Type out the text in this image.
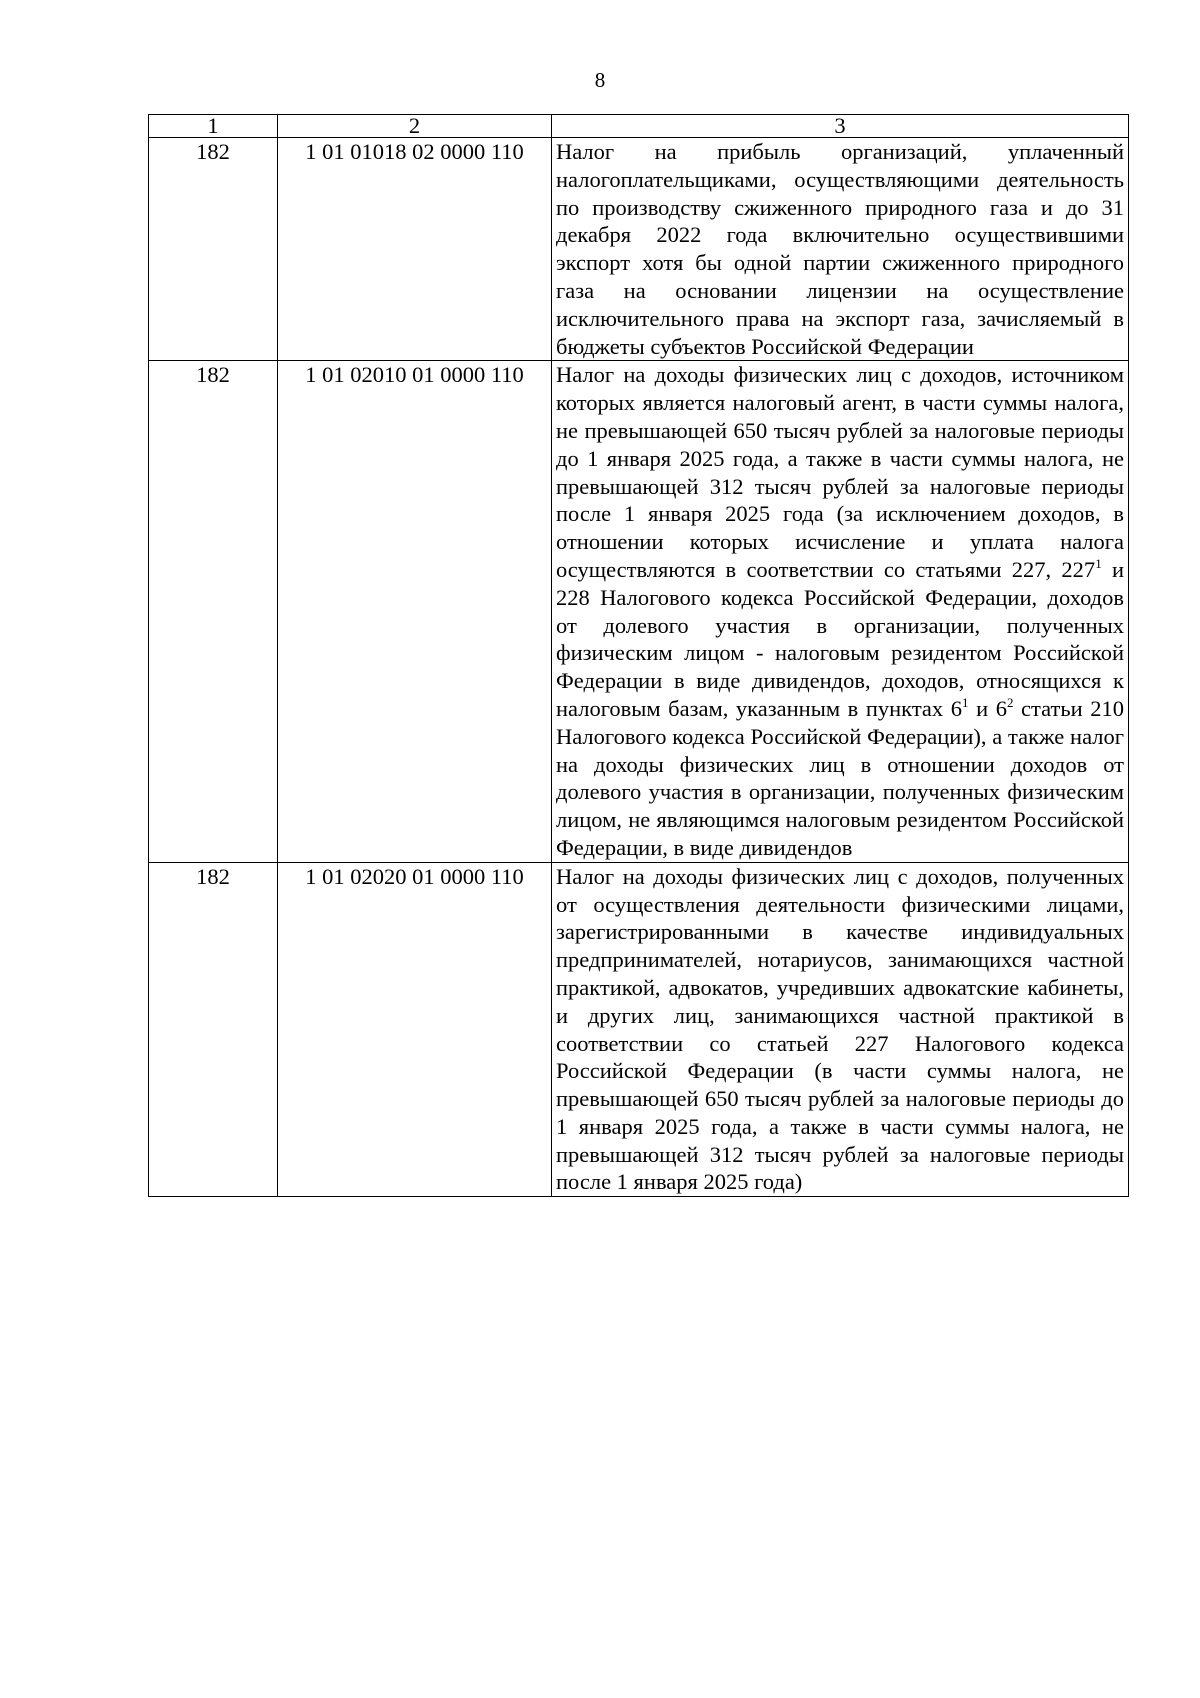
8
1	2	3
182	1 01 01018 02 0000 110	Налог на прибыль организаций, уплаченный налогоплательщиками, осуществляющими деятельность по производству сжиженного природного газа и до 31 декабря 2022 года включительно осуществившими экспорт хотя бы одной партии сжиженного природного газа на основании лицензии на осуществление исключительного права на экспорт газа, зачисляемый в бюджеты субъектов Российской Федерации
182	1 01 02010 01 0000 110	Налог на доходы физических лиц с доходов, источником которых является налоговый агент, в части суммы налога, не превышающей 650 тысяч рублей за налоговые периоды до 1 января 2025 года, а также в части суммы налога, не превышающей 312 тысяч рублей за налоговые периоды после 1 января 2025 года (за исключением доходов, в отношении которых исчисление и уплата налога осуществляются в соответствии со статьями 227, $227^1$ и 228 Налогового кодекса Российской Федерации, доходов от долевого участия в организации, полученных физическим лицом - налоговым резидентом Российской Федерации в виде дивидендов, доходов, относящихся к налоговым базам, указанным в пунктах $6^1$ и $6^2$ статьи 210 Налогового кодекса Российской Федерации), а также налог на доходы физических лиц в отношении доходов от долевого участия в организации, полученных физическим лицом, не являющимся налоговым резидентом Российской Федерации, в виде дивидендов
182	1 01 02020 01 0000 110	Налог на доходы физических лиц с доходов, полученных от осуществления деятельности физическими лицами, зарегистрированными в качестве индивидуальных предпринимателей, нотариусов, занимающихся частной практикой, адвокатов, учредивших адвокатские кабинеты, и других лиц, занимающихся частной практикой в соответствии со статьей 227 Налогового кодекса Российской Федерации (в части суммы налога, не превышающей 650 тысяч рублей за налоговые периоды до 1 января 2025 года, а также в части суммы налога, не превышающей 312 тысяч рублей за налоговые периоды после 1 января 2025 года)
